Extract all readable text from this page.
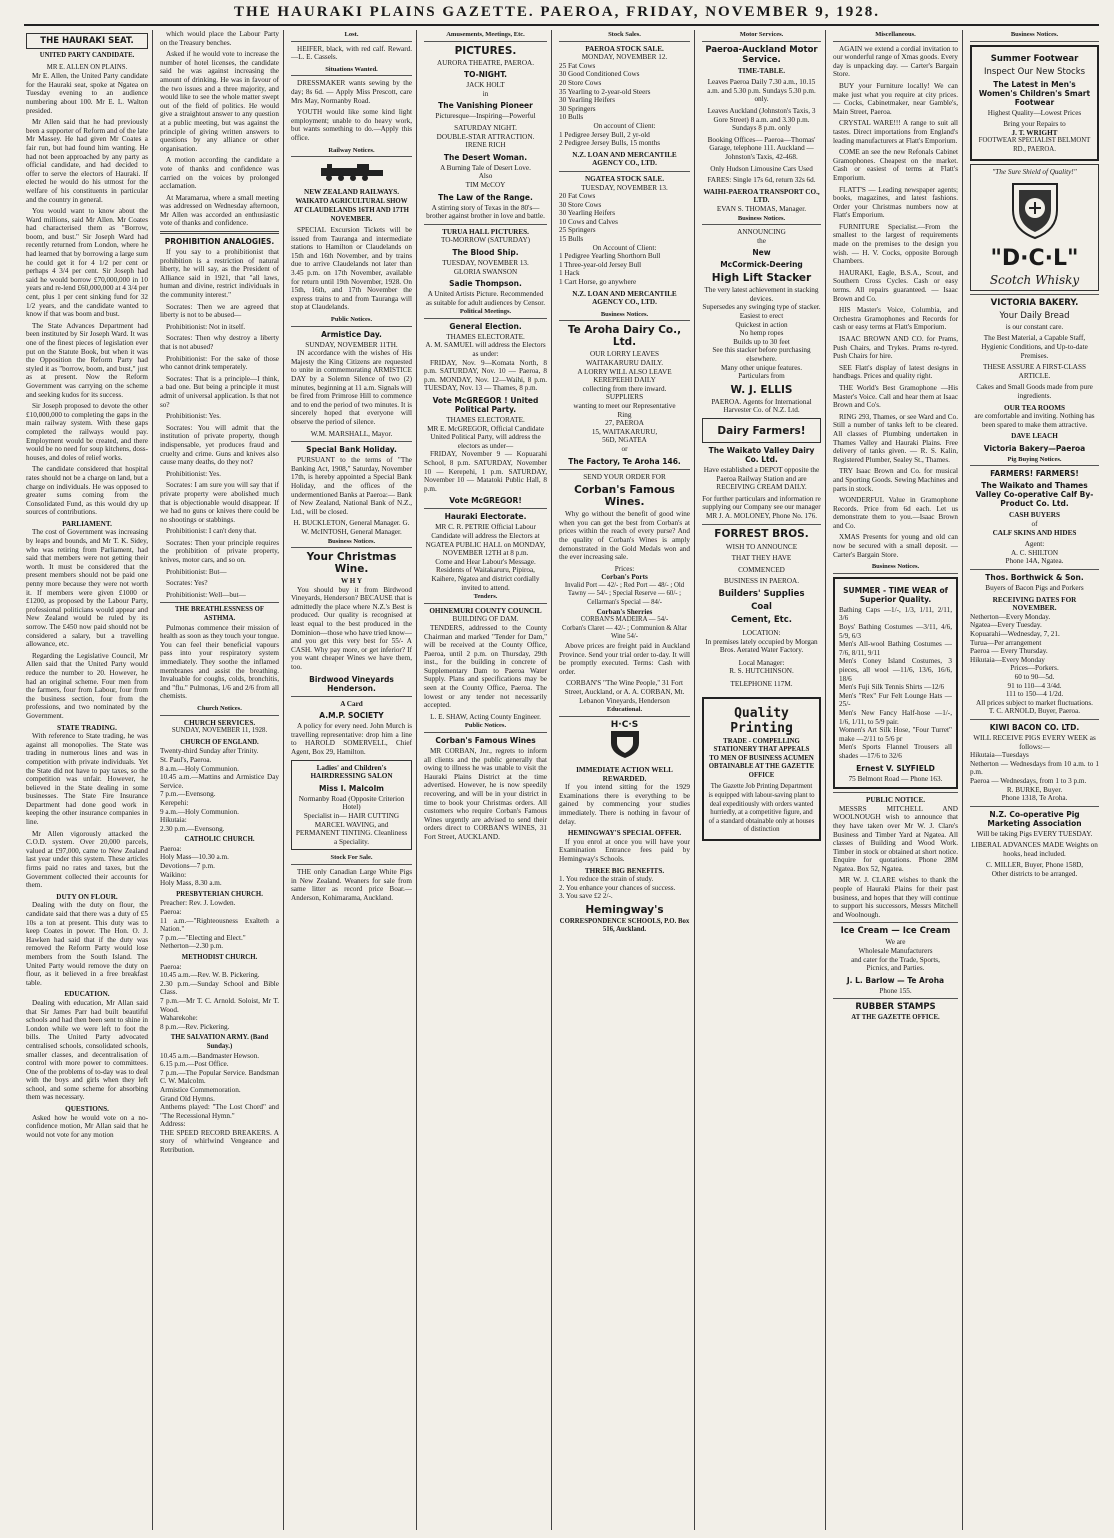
THE HAURAKI PLAINS GAZETTE. PAEROA, FRIDAY, NOVEMBER 9, 1928.
THE HAURAKI SEAT.
UNITED PARTY CANDIDATE.
MR E. ALLEN ON PLAINS.
Mr E. Allen, the United Party candidate for the Hauraki seat, spoke at Ngatea on Tuesday evening to an audience numbering about 100. Mr E. L. Walton presided.
Mr Allen said that he had previously been a supporter of Reform and of the late Mr Massey. He had given Mr Coates a fair run, but had found him wanting. He had not been approached by any party as official candidate, and had decided to offer to serve the electors of Hauraki. If elected he would do his utmost for the welfare of his constituents in particular and the country in general.
You would want to know about the Ward millions, said Mr Allen. Mr Coates had characterised them as "Borrow, boom, and bust." Sir Joseph Ward had recently returned from London, where he had learned that by borrowing a large sum he could get it for 4 1/2 per cent or perhaps 4 3/4 per cent. Sir Joseph had said he would borrow £70,000,000 in 10 years and re-lend £60,000,000 at 4 3/4 per cent, plus 1 per cent sinking fund for 32 1/2 years, and the candidate wanted to know if that was boom and bust.
The State Advances Department had been instituted by Sir Joseph Ward. It was one of the finest pieces of legislation ever put on the Statute Book, but when it was the Opposition the Reform Party had styled it as "borrow, boom, and bust," just as at present. Now the Reform Government was carrying on the scheme and seeking kudos for its success.
Sir Joseph proposed to devote the other £10,000,000 to completing the gaps in the main railway system. With these gaps completed the railways would pay. Employment would be created, and there would be no need for soup kitchens, doss-houses, and doles of relief works.
The candidate considered that hospital rates should not be a charge on land, but a charge on individuals. He was opposed to greater sums coming from the Consolidated Fund, as this would dry up sources of contributions.
PARLIAMENT.
The cost of Government was increasing by leaps and bounds, and Mr T. K. Sidey, who was retiring from Parliament, had said that members were not getting their worth. It must be considered that the present members should not be paid one penny more because they were not worth it. If members were given £1000 or £1200, as proposed by the Labour Party, professional politicians would appear and New Zealand would be ruled by its sorrow. The £450 now paid should not be considered a salary, but a travelling allowance, etc.
Regarding the Legislative Council, Mr Allen said that the United Party would reduce the number to 20. However, he had an original scheme. Four men from the farmers, four from Labour, four from the business section, four from the professions, and two nominated by the Government.
STATE TRADING.
With reference to State trading, he was against all monopolies. The State was trading in numerous lines and was in competition with private individuals. Yet the State did not have to pay taxes, so the competition was unfair. However, he believed in the State dealing in some businesses. The State Fire Insurance Department had done good work in keeping the other insurance companies in line.
Mr Allen vigorously attacked the C.O.D. system. Over 20,000 parcels, valued at £97,000, came to New Zealand last year under this system. These articles firms paid no rates and taxes, but the Government collected their accounts for them.
DUTY ON FLOUR.
Dealing with the duty on flour, the candidate said that there was a duty of £5 10s a ton at present. This duty was to keep Coates in power. The Hon. O. J. Hawken had said that if the duty was removed the Reform Party would lose members from the South Island. The United Party would remove the duty on flour, as it believed in a free breakfast table.
EDUCATION.
Dealing with education, Mr Allan said that Sir James Parr had built beautiful schools and had then been sent to shine in London while we were left to foot the bills. The United Party advocated centralised schools, consolidated schools, smaller classes, and decentralisation of control with more power to committees. One of the problems of to-day was to deal with the boys and girls when they left school, and some scheme for absorbing them was necessary.
QUESTIONS.
Asked how he would vote on a no-confidence motion, Mr Allan said that he would not vote for any motion
which would place the Labour Party on the Treasury benches.
Asked if he would vote to increase the number of hotel licenses, the candidate said he was against increasing the amount of drinking. He was in favour of the two issues and a three majority, and would like to see the whole matter swept out of the field of politics. He would give a straightout answer to any question at a public meeting, but was against the principle of giving written answers to questions by any alliance or other organisation.
A motion according the candidate a vote of thanks and confidence was carried on the voices by prolonged acclamation.
At Maramarua, where a small meeting was addressed on Wednesday afternoon, Mr Allen was accorded an enthusiastic vote of thanks and confidence.
PROHIBITION ANALOGIES.
If you say to a prohibitionist that prohibition is a restriction of natural liberty, he will say, as the President of Alliance said in 1921, that "all laws, human and divine, restrict individuals in the community interest."
Socrates: Then we are agreed that liberty is not to be abused—
Prohibitionist: Not in itself.
Socrates: Then why destroy a liberty that is not abused?
Prohibitionist: For the sake of those who cannot drink temperately.
Socrates: That is a principle—I think, a bad one. But being a principle it must admit of universal application. Is that not so?
Prohibitionist: Yes.
Socrates: You will admit that the institution of private property, though indispensable, yet produces fraud and cruelty and crime. Guns and knives also cause many deaths, do they not?
Prohibitionist: Yes.
Socrates: I am sure you will say that if private property were abolished much that is objectionable would disappear. If we had no guns or knives there could be no shootings or stabbings.
Prohibitionist: I can't deny that.
Socrates: Then your principle requires the prohibition of private property, knives, motor cars, and so on.
Prohibitionist: But—
Socrates: Yes?
Prohibitionist: Well—but—
THE BREATHLESSNESS OF ASTHMA.
Pulmonas commence their mission of health as soon as they touch your tongue. You can feel their beneficial vapours pass into your respiratory system immediately. They soothe the inflamed membranes and assist the breathing. Invaluable for coughs, colds, bronchitis, and "flu." Pulmonas, 1/6 and 2/6 from all chemists.
Church Notices.
CHURCH SERVICES.
SUNDAY, NOVEMBER 11, 1928.
CHURCH OF ENGLAND.
Twenty-third Sunday after Trinity.
St. Paul's, Paeroa.
8 a.m.—Holy Communion.
10.45 a.m.—Mattins and Armistice Day Service.
7 p.m.—Evensong.
Kerepehi:
9 a.m.—Holy Communion.
Hikutaia:
2.30 p.m.—Evensong.
CATHOLIC CHURCH.
Paeroa:
Holy Mass—10.30 a.m.
Devotions—7 p.m.
Waikino:
Holy Mass, 8.30 a.m.
PRESBYTERIAN CHURCH.
Preacher: Rev. J. Lowden.
Paeroa:
11 a.m.—"Righteousness Exalteth a Nation."
7 p.m.—"Electing and Elect."
Netherton—2.30 p.m.
METHODIST CHURCH.
Paeroa:
10.45 a.m.—Rev. W. B. Pickering.
2.30 p.m.—Sunday School and Bible Class.
7 p.m.—Mr T. C. Arnold. Soloist, Mr T. Wood.
Waharekohe:
8 p.m.—Rev. Pickering.
THE SALVATION ARMY. (Band Sunday.)
10.45 a.m.—Bandmaster Hewson.
6.15 p.m.—Post Office.
7 p.m.—The Popular Service. Bandsman C. W. Malcolm.
Armistice Commemoration.
Grand Old Hymns.
Anthems played: "The Lost Chord" and "The Recessional Hymn."
Address:
THE SPEED RECORD BREAKERS. A story of whirlwind Vengeance and Retribution.
Lost.
HEIFER, black, with red calf. Reward.—L. E. Cassels.
Situations Wanted.
DRESSMAKER wants sewing by the day; 8s 6d. — Apply Miss Prescott, care Mrs May, Normanby Road.
YOUTH would like some kind light employment; unable to do heavy work, but wants something to do.—Apply this office.
Railway Notices.
NEW ZEALAND RAILWAYS.
WAIKATO AGRICULTURAL SHOW AT CLAUDELANDS 16TH AND 17TH NOVEMBER.
SPECIAL Excursion Tickets will be issued from Tauranga and intermediate stations to Hamilton or Claudelands on 15th and 16th November, and by trains due to arrive Claudelands not later than 3.45 p.m. on 17th November, available for return until 19th November, 1928. On 15th, 16th, and 17th November the express trains to and from Tauranga will stop at Claudelands.
Public Notices.
Armistice Day.
SUNDAY, NOVEMBER 11TH.
IN accordance with the wishes of His Majesty the King Citizens are requested to unite in commemorating ARMISTICE DAY by a Solemn Silence of two (2) minutes, beginning at 11 a.m. Signals will be fired from Primrose Hill to commence and to end the period of two minutes. It is sincerely hoped that everyone will observe the period of silence.
W.M. MARSHALL, Mayor.
Special Bank Holiday.
PURSUANT to the terms of "The Banking Act, 1908," Saturday, November 17th, is hereby appointed a Special Bank Holiday, and the offices of the undermentioned Banks at Paeroa:— Bank of New Zealand, National Bank of N.Z., Ltd., will be closed.
H. BUCKLETON, General Manager. G. W. McINTOSH, General Manager.
Business Notices.
Your Christmas Wine.
W H Y
You should buy it from Birdwood Vineyards, Henderson? BECAUSE that is admittedly the place where N.Z.'s Best is produced. Our quality is recognised at least equal to the best produced in the Dominion—those who have tried know—and you get this very best for 55/- A CASH. Why pay more, or get inferior? If you want cheaper Wines we have them, too.
Birdwood Vineyards Henderson.
A Card
A.M.P. SOCIETY
A policy for every need. John Murch is travelling representative: drop him a line to HAROLD SOMERVELL, Chief Agent, Box 29, Hamilton.
Ladies' and Children's HAIRDRESSING SALON
Miss I. Malcolm
Normanby Road (Opposite Criterion Hotel)
Specialist in— HAIR CUTTING MARCEL WAVING, and PERMANENT TINTING. Cleanliness a Speciality.
Stock For Sale.
THE only Canadian Large White Pigs in New Zealand. Weaners for sale from same litter as record price Boar.— Anderson, Kohimarama, Auckland.
Amusements, Meetings, Etc.
PICTURES.
AURORA THEATRE, PAEROA.
TO-NIGHT.
JACK HOLT
in
The Vanishing Pioneer
Picturesque—Inspiring—Powerful
SATURDAY NIGHT.
DOUBLE-STAR ATTRACTION.
IRENE RICH
The Desert Woman.
A Burning Tale of Desert Love.
Also
TIM McCOY
The Law of the Range.
A stirring story of Texas in the 80's—brother against brother in love and battle.
TURUA HALL PICTURES.
TO-MORROW (SATURDAY)
The Blood Ship.
TUESDAY, NOVEMBER 13.
GLORIA SWANSON
Sadie Thompson.
A United Artists Picture. Recommended as suitable for adult audiences by Censor.
Political Meetings.
General Election.
THAMES ELECTORATE.
A. M. SAMUEL will address the Electors as under:
FRIDAY, Nov. 9—Komata North, 8 p.m. SATURDAY, Nov. 10 — Paeroa, 8 p.m. MONDAY, Nov. 12—Waihi, 8 p.m. TUESDAY, Nov. 13 — Thames, 8 p.m.
Vote McGREGOR ! United Political Party.
THAMES ELECTORATE.
MR E. McGREGOR, Official Candidate United Political Party, will address the electors as under—
FRIDAY, November 9 — Kopuarahi School, 8 p.m. SATURDAY, November 10 — Kerepehi, 1 p.m. SATURDAY, November 10 — Matatoki Public Hall, 8 p.m.
Vote McGREGOR!
Hauraki Electorate.
MR C. R. PETRIE Official Labour Candidate will address the Electors at NGATEA PUBLIC HALL on MONDAY, NOVEMBER 12TH at 8 p.m.
Come and Hear Labour's Message. Residents of Waitakaruru, Pipiroa, Kaihere, Ngatea and district cordially invited to attend.
Tenders.
OHINEMURI COUNTY COUNCIL
BUILDING OF DAM.
TENDERS, addressed to the County Chairman and marked "Tender for Dam," will be received at the County Office, Paeroa, until 2 p.m. on Thursday, 29th inst., for the building in concrete of Supplementary Dam to Paeroa Water Supply. Plans and specifications may be seen at the County Office, Paeroa. The lowest or any tender not necessarily accepted.
L. E. SHAW, Acting County Engineer.
Public Notices.
Corban's Famous Wines
MR CORBAN, Jnr., regrets to inform all clients and the public generally that owing to illness he was unable to visit the Hauraki Plains District at the time advertised. However, he is now speedily recovering, and will be in your district in time to book your Christmas orders. All customers who require Corban's Famous Wines urgently are advised to send their orders direct to CORBAN'S WINES, 31 Fort Street, AUCKLAND.
Stock Sales.
PAEROA STOCK SALE.
MONDAY, NOVEMBER 12.
25 Fat Cows
30 Good Conditioned Cows
20 Store Cows
35 Yearling to 2-year-old Steers
30 Yearling Heifers
30 Springers
10 Bulls
On account of Client:
1 Pedigree Jersey Bull, 2 yr-old
2 Pedigree Jersey Bulls, 15 months
N.Z. LOAN AND MERCANTILE AGENCY CO., LTD.
NGATEA STOCK SALE.
TUESDAY, NOVEMBER 13.
20 Fat Cows
30 Store Cows
30 Yearling Heifers
10 Cows and Calves
25 Springers
15 Bulls
On Account of Client:
1 Pedigree Yearling Shorthorn Bull
1 Three-year-old Jersey Bull
1 Hack
1 Cart Horse, go anywhere
N.Z. LOAN AND MERCANTILE AGENCY CO., LTD.
Business Notices.
Te Aroha Dairy Co., Ltd.
OUR LORRY LEAVES
WAITAKARURU DAILY.
A LORRY WILL ALSO LEAVE
KEREPEEHI DAILY
collecting from there inward.
SUPPLIERS
wanting to meet our Representative
Ring
27, PAEROA
15, WAITAKARURU,
56D, NGATEA
or
The Factory, Te Aroha 146.
SEND YOUR ORDER FOR
Corban's Famous Wines.
Why go without the benefit of good wine when you can get the best from Corban's at prices within the reach of every purse? And the quality of Corban's Wines is amply demonstrated in the Gold Medals won and the ever increasing sale.
Prices:
Corban's Ports
Invalid Port — 42/- ; Red Port — 48/- ; Old Tawny — 54/- ; Special Reserve — 60/- ; Cellarman's Special — 84/-
Corban's Sherries
CORBAN'S MADEIRA — 54/-
Corban's Claret — 42/- ; Communion & Altar Wine 54/-
Above prices are freight paid in Auckland Province. Send your trial order to-day. It will be promptly executed. Terms: Cash with order.
CORBAN'S "The Wine People," 31 Fort Street, Auckland, or A. A. CORBAN, Mt. Lebanon Vineyards, Henderson
Educational.
H·C·S
IMMEDIATE ACTION WELL REWARDED.
If you intend sitting for the 1929 Examinations there is everything to be gained by commencing your studies immediately. There is nothing in favour of delay.
HEMINGWAY'S SPECIAL OFFER.
If you enrol at once you will have your Examination Entrance fees paid by Hemingway's Schools.
THREE BIG BENEFITS.
1. You reduce the strain of study.
2. You enhance your chances of success.
3. You save £2 2/-.
Hemingway's
CORRESPONDENCE SCHOOLS, P.O. Box 516, Auckland.
Motor Services.
Paeroa-Auckland Motor Service.
TIME-TABLE.
Leaves Paeroa Daily 7.30 a.m., 10.15 a.m. and 5.30 p.m. Sundays 5.30 p.m. only.
Leaves Auckland (Johnston's Taxis, 3 Gore Street) 8 a.m. and 3.30 p.m. Sundays 8 p.m. only
Booking Offices— Paeroa—Thomas' Garage, telephone 111. Auckland — Johnston's Taxis, 42-468.
Only Hudson Limousine Cars Used
FARES: Single 17s 6d, return 32s 6d.
WAIHI-PAEROA TRANSPORT CO., LTD.
EVAN S. THOMAS, Manager.
Business Notices.
ANNOUNCING
the
New
McCormick-Deering
High Lift Stacker
The very latest achievement in stacking devices.
Supersedes any swinging type of stacker.
Easiest to erect
Quickest in action
No hemp ropes
Builds up to 30 feet
See this stacker before purchasing elsewhere.
Many other unique features.
Particulars from
W. J. ELLIS
PAEROA. Agents for International Harvester Co. of N.Z. Ltd.
Dairy Farmers!
The Waikato Valley Dairy Co. Ltd.
Have established a DEPOT opposite the Paeroa Railway Station and are RECEIVING CREAM DAILY.
For further particulars and information re supplying our Company see our manager MR J. A. MOLONEY, Phone No. 176.
FORREST BROS.
WISH TO ANNOUNCE
THAT THEY HAVE
COMMENCED
BUSINESS IN PAEROA.
Builders' Supplies
Coal
Cement, Etc.
LOCATION:
In premises lately occupied by Morgan Bros. Aerated Water Factory.
Local Manager:
R. S. HUTCHINSON.
TELEPHONE 117M.
Quality Printing
TRADE - COMPELLING STATIONERY THAT APPEALS TO MEN OF BUSINESS ACUMEN OBTAINABLE AT THE GAZETTE OFFICE
The Gazette Job Printing Department is equipped with labour-saving plant to deal expeditiously with orders wanted hurriedly, at a competitive figure, and of a standard obtainable only at houses of distinction
Miscellaneous.
AGAIN we extend a cordial invitation to our wonderful range of Xmas goods. Every day is unpacking day. — Carter's Bargain Store.
BUY your Furniture locally! We can make just what you require at city prices. — Cocks, Cabinetmaker, near Gamble's, Main Street, Paeroa.
CRYSTAL WARE!!! A range to suit all tastes. Direct importations from England's leading manufacturers at Flatt's Emporium.
COME an see the new Refonals Cabinet Gramophones. Cheapest on the market. Cash or easiest of terms at Flatt's Emporium.
FLATT'S — Leading newspaper agents; books, magazines, and latest fashions. Order your Christmas numbers now at Flatt's Emporium.
FURNITURE Specialist.—From the smallest to the largest of requirements made on the premises to the design you wish. — H. V. Cocks, opposite Borough Chambers.
HAURAKI, Eagle, B.S.A., Scout, and Southern Cross Cycles. Cash or easy terms. All repairs guaranteed. — Isaac Brown and Co.
HIS Master's Voice, Columbia, and Orchestra Gramophones and Records for cash or easy terms at Flatt's Emporium.
ISAAC BROWN AND CO. for Prams, Push Chairs, and Trykes. Prams re-tyred. Push Chairs for hire.
SEE Flatt's display of latest designs in handbags. Prices and quality right.
THE World's Best Gramophone —His Master's Voice. Call and hear them at Isaac Brown and Co's.
RING 293, Thames, or see Ward and Co. Still a number of tanks left to be cleared. All classes of Plumbing undertaken in Thames Valley and Hauraki Plains. Free delivery of tanks given. — R. S. Kalin, Registered Plumber, Sealey St., Thames.
TRY Isaac Brown and Co. for musical and Sporting Goods. Sewing Machines and parts in stock.
WONDERFUL Value in Gramophone Records. Price from 6d each. Let us demonstrate them to you.—Isaac Brown and Co.
XMAS Presents for young and old can now be secured with a small deposit. — Carter's Bargain Store.
Business Notices.
SUMMER - TIME WEAR of Superior Quality.
Bathing Caps —1/-, 1/3, 1/11, 2/11, 3/6
Boys' Bathing Costumes —3/11, 4/6, 5/9, 6/3
Men's All-wool Bathing Costumes —7/6, 8/11, 9/11
Men's Coney Island Costumes, 3 pieces, all wool —11/6, 13/6, 16/6, 18/6
Men's Fuji Silk Tennis Shirts —12/6
Men's "Rex" Fur Felt Lounge Hats —25/-
Men's New Fancy Half-hose —1/-, 1/6, 1/11, to 5/9 pair.
Women's Art Silk Hose, "Four Turret" make —2/11 to 5/6 pr
Men's Sports Flannel Trousers all shades —17/6 to 32/6
Ernest V. SLYFIELD
75 Belmont Road — Phone 163.
PUBLIC NOTICE.
MESSRS MITCHELL AND WOOLNOUGH wish to announce that they have taken over Mr W. J. Clare's Business and Timber Yard at Ngatea. All classes of Building and Wood Work. Timber in stock or obtained at short notice. Enquire for quotations. Phone 28M Ngatea. Box 52, Ngatea.
MR W. J. CLARE wishes to thank the people of Hauraki Plains for their past business, and hopes that they will continue to support his successors, Messrs Mitchell and Woolnough.
Ice Cream — Ice Cream
We are
Wholesale Manufacturers
and cater for the Trade, Sports,
Picnics, and Parties.
J. L. Barlow — Te Aroha
Phone 155.
RUBBER STAMPS
AT THE GAZETTE OFFICE.
Business Notices.
Summer Footwear
Inspect Our New Stocks
The Latest in Men's Women's Children's Smart Footwear
Highest Quality—Lowest Prices
Bring your Repairs to
J. T. WRIGHT
FOOTWEAR SPECIALIST BELMONT RD., PAEROA.
"The Sure Shield of Quality!"
"D·C·L"
Scotch Whisky
VICTORIA BAKERY.
Your Daily Bread
is our constant care.
The Best Material, a Capable Staff, Hygienic Conditions, and Up-to-date Premises.
THESE ASSURE A FIRST-CLASS ARTICLE.
Cakes and Small Goods made from pure ingredients.
OUR TEA ROOMS
are comfortable and inviting. Nothing has been spared to make them attractive.
DAVE LEACH
Victoria Bakery—Paeroa
Pig Buying Notices.
FARMERS! FARMERS!
The Waikato and Thames Valley Co-operative Calf By-Product Co. Ltd.
CASH BUYERS
of
CALF SKINS AND HIDES
Agent:
A. C. SHILTON
Phone 14A, Ngatea.
Thos. Borthwick & Son.
Buyers of Bacon Pigs and Porkers
RECEIVING DATES FOR NOVEMBER.
Netherton—Every Monday.
Ngatea—Every Tuesday.
Kopuarahi—Wednesday, 7, 21.
Turua—Per arrangement
Paeroa — Every Thursday.
Hikutaia—Every Monday
Prices—Porkers.
60 to 90—5d.
91 to 110—4 3/4d.
111 to 150—4 1/2d.
All prices subject to market fluctuations.
T. C. ARNOLD, Buyer, Paeroa.
KIWI BACON CO. LTD.
WILL RECEIVE PIGS EVERY WEEK as follows:—
Hikutaia—Tuesdays
Netherton — Wednesdays from 10 a.m. to 1 p.m.
Paeroa — Wednesdays, from 1 to 3 p.m.
R. BURKE, Buyer.
Phone 1318, Te Aroha.
N.Z. Co-operative Pig Marketing Association
Will be taking Pigs EVERY TUESDAY.
LIBERAL ADVANCES MADE Weights on hooks, head included.
C. MILLER, Buyer, Phone 158D,
Other districts to be arranged.
